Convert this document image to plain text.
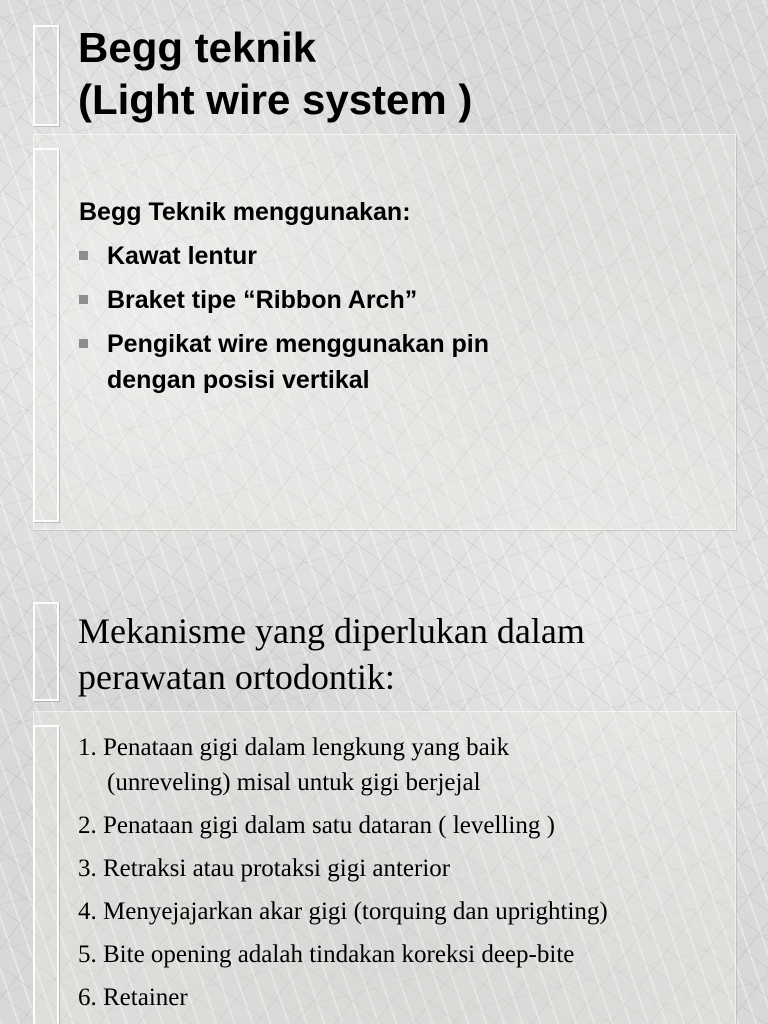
Begg teknik
(Light wire system )
Begg Teknik menggunakan:
Kawat lentur
Braket tipe “Ribbon Arch”
Pengikat wire menggunakan pin
dengan posisi vertikal
Mekanisme yang diperlukan dalam
perawatan ortodontik:
1. Penataan gigi dalam lengkung yang baik
(unreveling) misal untuk gigi berjejal
2. Penataan gigi dalam satu dataran ( levelling )
3. Retraksi atau protaksi gigi anterior
4. Menyejajarkan akar gigi (torquing dan uprighting)
5. Bite opening adalah tindakan koreksi deep-bite
6. Retainer
